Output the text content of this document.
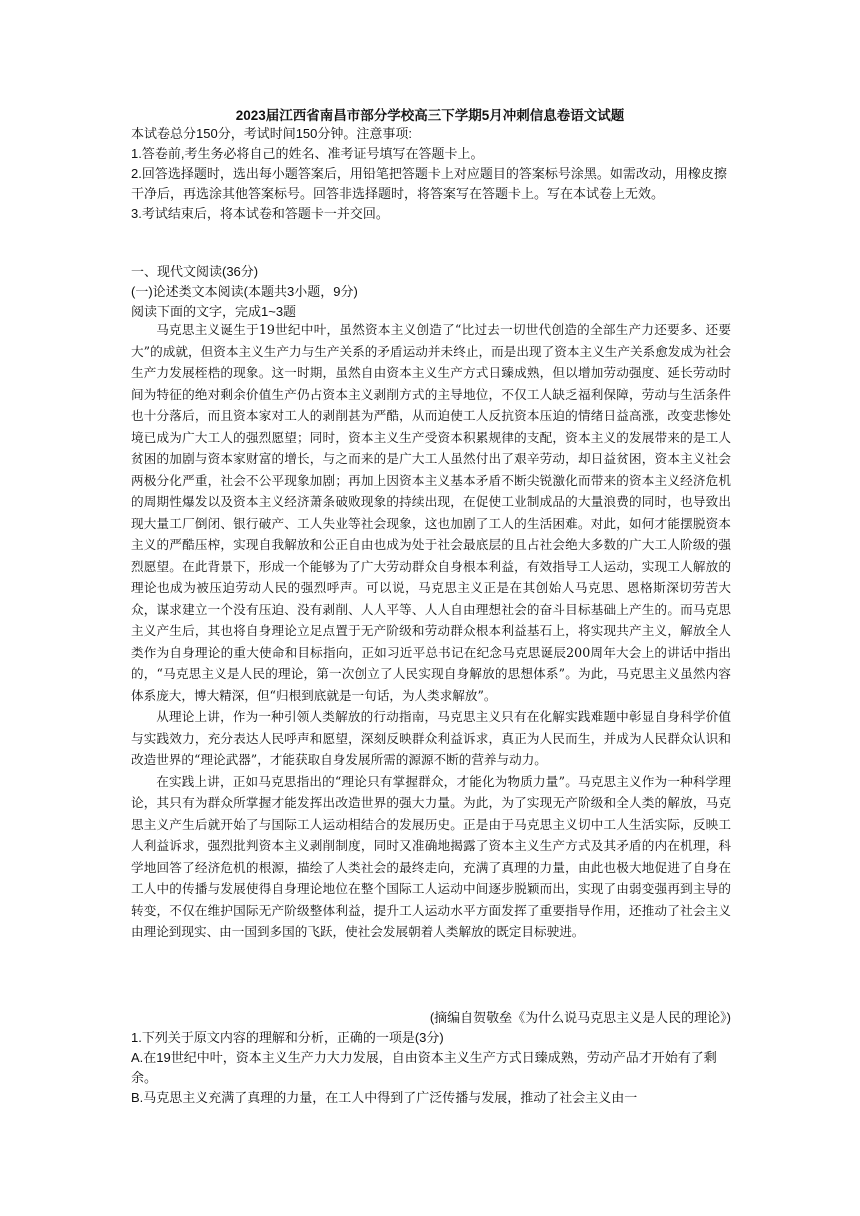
2023届江西省南昌市部分学校高三下学期5月冲刺信息卷语文试题

本试卷总分150分，考试时间150分钟。注意事项:

1.答卷前,考生务必将自己的姓名、准考证号填写在答题卡上。

2.回答选择题时，选出每小题答案后，用铅笔把答题卡上对应题目的答案标号涂黑。如需改动，用橡皮擦干净后，再选涂其他答案标号。回答非选择题时，将答案写在答题卡上。写在本试卷上无效。

3.考试结束后，将本试卷和答题卡一并交回。

一、现代文阅读(36分)

(一)论述类文本阅读(本题共3小题，9分)

阅读下面的文字，完成1~3题

马克思主义诞生于19世纪中叶，虽然资本主义创造了“比过去一切世代创造的全部生产力还要多、还要大”的成就，但资本主义生产力与生产关系的矛盾运动并未终止，而是出现了资本主义生产关系愈发成为社会生产力发展桎梏的现象。这一时期，虽然自由资本主义生产方式日臻成熟，但以增加劳动强度、延长劳动时间为特征的绝对剩余价值生产仍占资本主义剥削方式的主导地位，不仅工人缺乏福利保障，劳动与生活条件也十分落后，而且资本家对工人的剥削甚为严酷，从而迫使工人反抗资本压迫的情绪日益高涨，改变悲惨处境已成为广大工人的强烈愿望；同时，资本主义生产受资本积累规律的支配，资本主义的发展带来的是工人贫困的加剧与资本家财富的增长，与之而来的是广大工人虽然付出了艰辛劳动，却日益贫困，资本主义社会两极分化严重，社会不公平现象加剧；再加上因资本主义基本矛盾不断尖锐激化而带来的资本主义经济危机的周期性爆发以及资本主义经济萧条破败现象的持续出现，在促使工业制成品的大量浪费的同时，也导致出现大量工厂倒闭、银行破产、工人失业等社会现象，这也加剧了工人的生活困难。对此，如何才能摆脱资本主义的严酷压榨，实现自我解放和公正自由也成为处于社会最底层的且占社会绝大多数的广大工人阶级的强烈愿望。在此背景下，形成一个能够为了广大劳动群众自身根本利益，有效指导工人运动，实现工人解放的理论也成为被压迫劳动人民的强烈呼声。可以说，马克思主义正是在其创始人马克思、恩格斯深切劳苦大众，谋求建立一个没有压迫、没有剥削、人人平等、人人自由理想社会的奋斗目标基础上产生的。而马克思主义产生后，其也将自身理论立足点置于无产阶级和劳动群众根本利益基石上，将实现共产主义，解放全人类作为自身理论的重大使命和目标指向，正如习近平总书记在纪念马克思诞辰200周年大会上的讲话中指出的，“马克思主义是人民的理论，第一次创立了人民实现自身解放的思想体系”。为此，马克思主义虽然内容体系庞大，博大精深，但“归根到底就是一句话，为人类求解放”。

从理论上讲，作为一种引领人类解放的行动指南，马克思主义只有在化解实践难题中彰显自身科学价值与实践效力，充分表达人民呼声和愿望，深刻反映群众利益诉求，真正为人民而生，并成为人民群众认识和改造世界的“理论武器”，才能获取自身发展所需的源源不断的营养与动力。

在实践上讲，正如马克思指出的“理论只有掌握群众，才能化为物质力量”。马克思主义作为一种科学理论，其只有为群众所掌握才能发挥出改造世界的强大力量。为此，为了实现无产阶级和全人类的解放，马克思主义产生后就开始了与国际工人运动相结合的发展历史。正是由于马克思主义切中工人生活实际，反映工人利益诉求，强烈批判资本主义剥削制度，同时又准确地揭露了资本主义生产方式及其矛盾的内在机理，科学地回答了经济危机的根源，描绘了人类社会的最终走向，充满了真理的力量，由此也极大地促进了自身在工人中的传播与发展使得自身理论地位在整个国际工人运动中间逐步脱颖而出，实现了由弱变强再到主导的转变，不仅在维护国际无产阶级整体利益，提升工人运动水平方面发挥了重要指导作用，还推动了社会主义由理论到现实、由一国到多国的飞跃，使社会发展朝着人类解放的既定目标驶进。

(摘编自贺敬垒《为什么说马克思主义是人民的理论》)

1.下列关于原文内容的理解和分析，正确的一项是(3分)

A.在19世纪中叶，资本主义生产力大力发展，自由资本主义生产方式日臻成熟，劳动产品才开始有了剩余。

B.马克思主义充满了真理的力量，在工人中得到了广泛传播与发展，推动了社会主义由一
